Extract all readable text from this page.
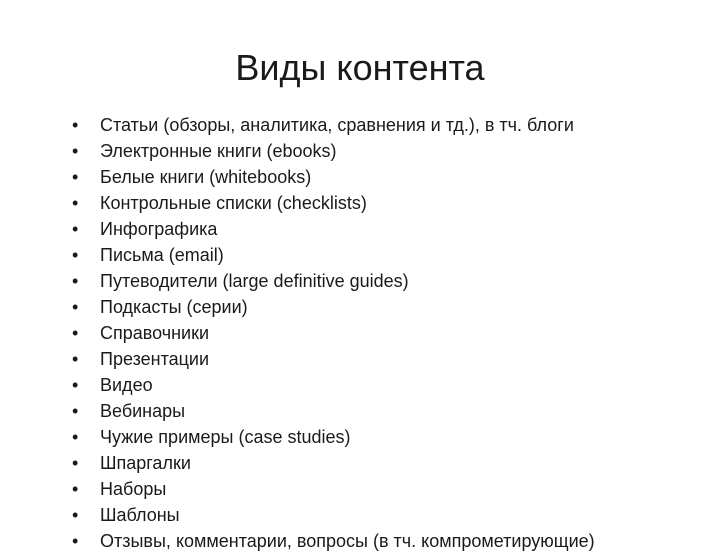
Виды контента
•	Статьи (обзоры, аналитика, сравнения и тд.), в тч. блоги
•	Электронные книги (ebooks)
•	Белые книги (whitebooks)
•	Контрольные списки (checklists)
•	Инфографика
•	Письма (email)
•	Путеводители (large definitive guides)
•	Подкасты (серии)
•	Справочники
•	Презентации
•	Видео
•	Вебинары
•	Чужие примеры (case studies)
•	Шпаргалки
•	Наборы
•	Шаблоны
•	Отзывы, комментарии, вопросы (в тч. компрометирующие)
